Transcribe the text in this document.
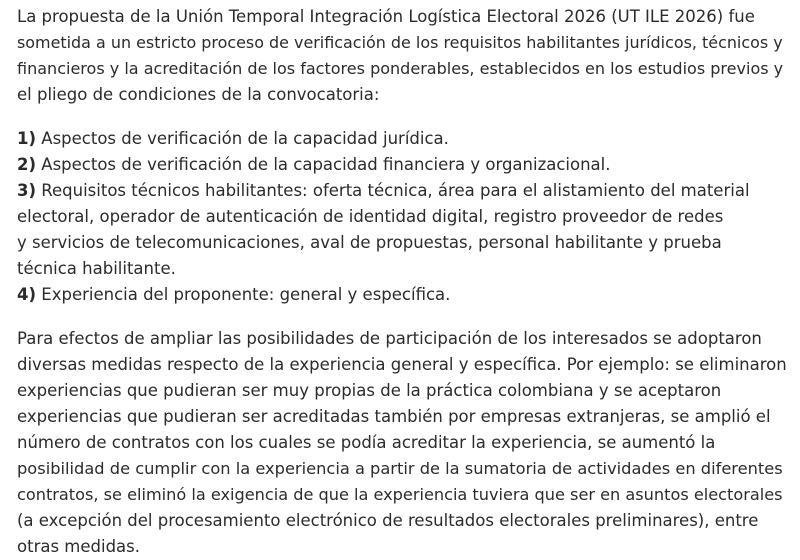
La propuesta de la Unión Temporal Integración Logística Electoral 2026 (UT ILE 2026) fue
sometida a un estricto proceso de verificación de los requisitos habilitantes jurídicos, técnicos y
financieros y la acreditación de los factores ponderables, establecidos en los estudios previos y
el pliego de condiciones de la convocatoria:

1) Aspectos de verificación de la capacidad jurídica.
2) Aspectos de verificación de la capacidad financiera y organizacional.
3) Requisitos técnicos habilitantes: oferta técnica, área para el alistamiento del material
electoral, operador de autenticación de identidad digital, registro proveedor de redes
y servicios de telecomunicaciones, aval de propuestas, personal habilitante y prueba
técnica habilitante.
4) Experiencia del proponente: general y específica.

Para efectos de ampliar las posibilidades de participación de los interesados se adoptaron
diversas medidas respecto de la experiencia general y específica. Por ejemplo: se eliminaron
experiencias que pudieran ser muy propias de la práctica colombiana y se aceptaron
experiencias que pudieran ser acreditadas también por empresas extranjeras, se amplió el
número de contratos con los cuales se podía acreditar la experiencia, se aumentó la
posibilidad de cumplir con la experiencia a partir de la sumatoria de actividades en diferentes
contratos, se eliminó la exigencia de que la experiencia tuviera que ser en asuntos electorales
(a excepción del procesamiento electrónico de resultados electorales preliminares), entre
otras medidas.
